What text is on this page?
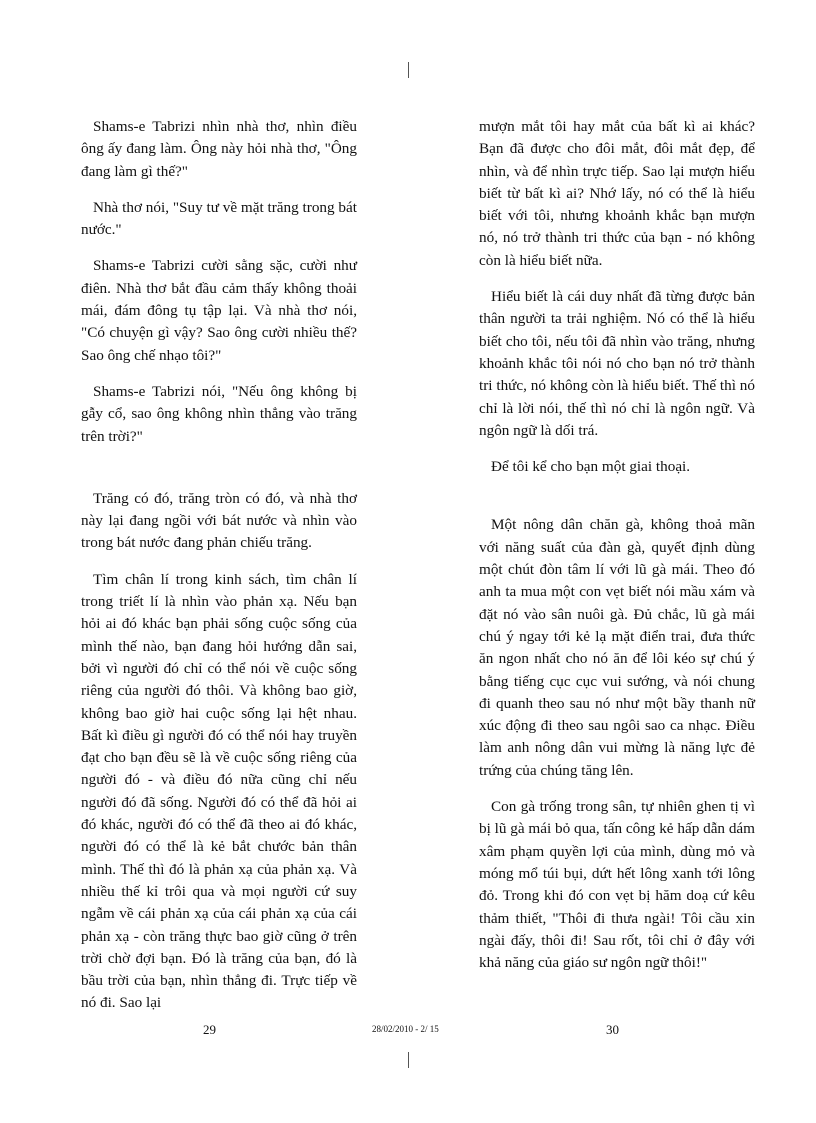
Shams-e Tabrizi nhìn nhà thơ, nhìn điều ông ấy đang làm. Ông này hỏi nhà thơ, "Ông đang làm gì thế?"

Nhà thơ nói, "Suy tư về mặt trăng trong bát nước."

Shams-e Tabrizi cười sằng sặc, cười như điên. Nhà thơ bắt đầu cảm thấy không thoải mái, đám đông tụ tập lại. Và nhà thơ nói, "Có chuyện gì vậy? Sao ông cười nhiều thế? Sao ông chế nhạo tôi?"

Shams-e Tabrizi nói, "Nếu ông không bị gẫy cổ, sao ông không nhìn thẳng vào trăng trên trời?"

Trăng có đó, trăng tròn có đó, và nhà thơ này lại đang ngồi với bát nước và nhìn vào trong bát nước đang phản chiếu trăng.

Tìm chân lí trong kinh sách, tìm chân lí trong triết lí là nhìn vào phản xạ. Nếu bạn hỏi ai đó khác bạn phải sống cuộc sống của mình thế nào, bạn đang hỏi hướng dẫn sai, bởi vì người đó chỉ có thể nói về cuộc sống riêng của người đó thôi. Và không bao giờ, không bao giờ hai cuộc sống lại hệt nhau. Bất kì điều gì người đó có thể nói hay truyền đạt cho bạn đều sẽ là về cuộc sống riêng của người đó - và điều đó nữa cũng chỉ nếu người đó đã sống. Người đó có thể đã hỏi ai đó khác, người đó có thể đã theo ai đó khác, người đó có thể là kẻ bắt chước bản thân mình. Thế thì đó là phản xạ của phản xạ. Và nhiều thế kỉ trôi qua và mọi người cứ suy ngẫm về cái phản xạ của cái phản xạ của cái phản xạ - còn trăng thực bao giờ cũng ở trên trời chờ đợi bạn. Đó là trăng của bạn, đó là bầu trời của bạn, nhìn thẳng đi. Trực tiếp về nó đi. Sao lại

mượn mắt tôi hay mắt của bất kì ai khác? Bạn đã được cho đôi mắt, đôi mắt đẹp, để nhìn, và để nhìn trực tiếp. Sao lại mượn hiểu biết từ bất kì ai? Nhớ lấy, nó có thể là hiểu biết với tôi, nhưng khoảnh khắc bạn mượn nó, nó trở thành tri thức của bạn - nó không còn là hiểu biết nữa.

Hiểu biết là cái duy nhất đã từng được bản thân người ta trải nghiệm. Nó có thể là hiểu biết cho tôi, nếu tôi đã nhìn vào trăng, nhưng khoảnh khắc tôi nói nó cho bạn nó trở thành tri thức, nó không còn là hiểu biết. Thế thì nó chỉ là lời nói, thế thì nó chỉ là ngôn ngữ. Và ngôn ngữ là dối trá.

Để tôi kể cho bạn một giai thoại.

Một nông dân chăn gà, không thoả mãn với năng suất của đàn gà, quyết định dùng một chút đòn tâm lí với lũ gà mái. Theo đó anh ta mua một con vẹt biết nói mầu xám và đặt nó vào sân nuôi gà. Đủ chắc, lũ gà mái chú ý ngay tới kẻ lạ mặt điển trai, đưa thức ăn ngon nhất cho nó ăn để lôi kéo sự chú ý bằng tiếng cục cục vui sướng, và nói chung đi quanh theo sau nó như một bầy thanh nữ xúc động đi theo sau ngôi sao ca nhạc. Điều làm anh nông dân vui mừng là năng lực đẻ trứng của chúng tăng lên.

Con gà trống trong sân, tự nhiên ghen tị vì bị lũ gà mái bỏ qua, tấn công kẻ hấp dẫn dám xâm phạm quyền lợi của mình, dùng mỏ và móng mổ túi bụi, dứt hết lông xanh tới lông đỏ. Trong khi đó con vẹt bị hăm doạ cứ kêu thảm thiết, "Thôi đi thưa ngài! Tôi cầu xin ngài đấy, thôi đi! Sau rốt, tôi chỉ ở đây với khả năng của giáo sư ngôn ngữ thôi!"

29	28/02/2010 - 2/ 15	30
